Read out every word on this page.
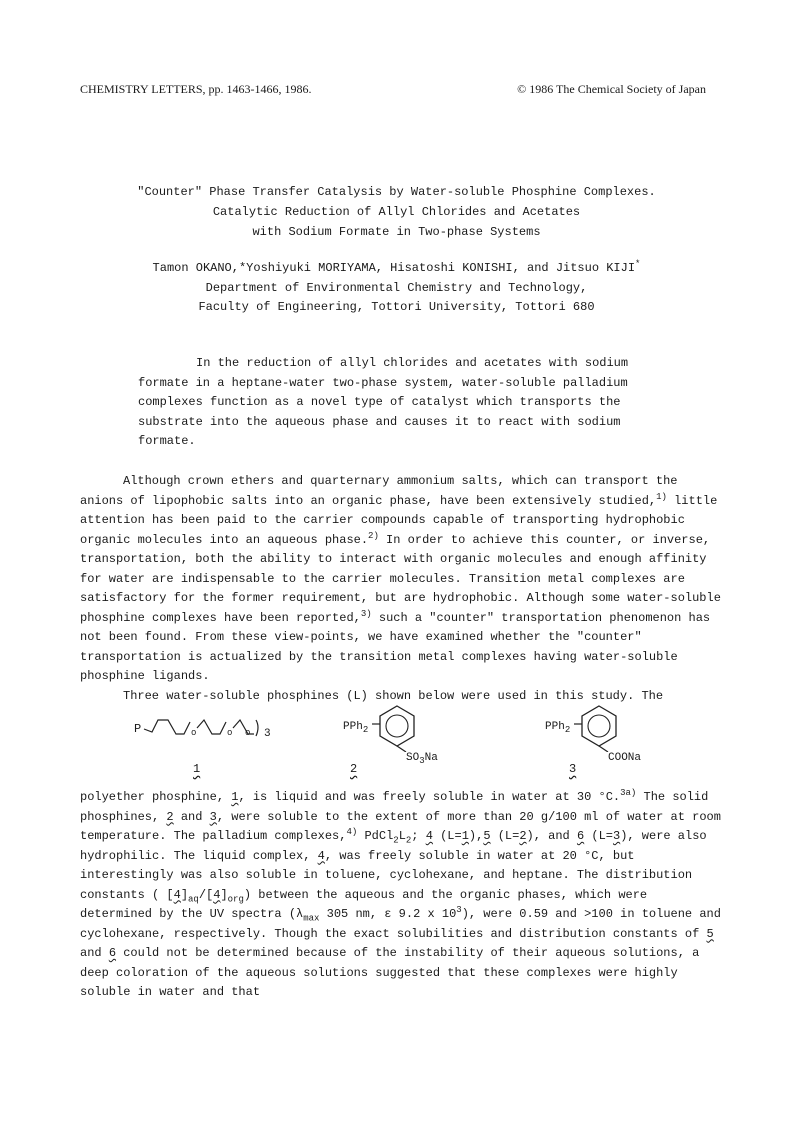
CHEMISTRY LETTERS, pp. 1463-1466, 1986.	© 1986 The Chemical Society of Japan
"Counter" Phase Transfer Catalysis by Water-soluble Phosphine Complexes.
Catalytic Reduction of Allyl Chlorides and Acetates
with Sodium Formate in Two-phase Systems
Tamon OKANO,*Yoshiyuki MORIYAMA, Hisatoshi KONISHI, and Jitsuo KIJI*
Department of Environmental Chemistry and Technology,
Faculty of Engineering, Tottori University, Tottori 680

In the reduction of allyl chlorides and acetates with sodium formate in a heptane-water two-phase system, water-soluble palladium complexes function as a novel type of catalyst which transports the substrate into the aqueous phase and causes it to react with sodium formate.

Although crown ethers and quarternary ammonium salts, which can transport the anions of lipophobic salts into an organic phase, have been extensively studied,$^{1)}$ little attention has been paid to the carrier compounds capable of transporting hydrophobic organic molecules into an aqueous phase.$^{2)}$ In order to achieve this counter, or inverse, transportation, both the ability to interact with organic molecules and enough affinity for water are indispensable to the carrier molecules. Transition metal complexes are satisfactory for the former requirement, but are hydrophobic. Although some water-soluble phosphine complexes have been reported,$^{3)}$ such a "counter" transportation phenomenon has not been found. From these view-points, we have examined whether the "counter" transportation is actualized by the transition metal complexes having water-soluble phosphine ligands.

Three water-soluble phosphines (L) shown below were used in this study. The

P	o	o o 3
1
PPh$_2$
$SO_3Na$
2
PPh$_2$
COONa
3

polyether phosphine, 1, is liquid and was freely soluble in water at 30 °C.$^{3a)}$ The solid phosphines, 2 and 3, were soluble to the extent of more than 20 g/100 ml of water at room temperature. The palladium complexes,$^{4)}$ $PdCl_2L_2$; 4 (L=1),5 (L=2), and 6 (L=3), were also hydrophilic. The liquid complex, 4, was freely soluble in water at 20 °C, but interestingly was also soluble in toluene, cyclohexane, and heptane. The distribution constants ( $[4]_{aq}/[4]_{org}$) between the aqueous and the organic phases, which were determined by the UV spectra ($\lambda_{max}$ 305 nm, ε 9.2 x $10^3$), were 0.59 and >100 in toluene and cyclohexane, respectively. Though the exact solubilities and distribution constants of 5 and 6 could not be determined because of the instability of their aqueous solutions, a deep coloration of the aqueous solutions suggested that these complexes were highly soluble in water and that
